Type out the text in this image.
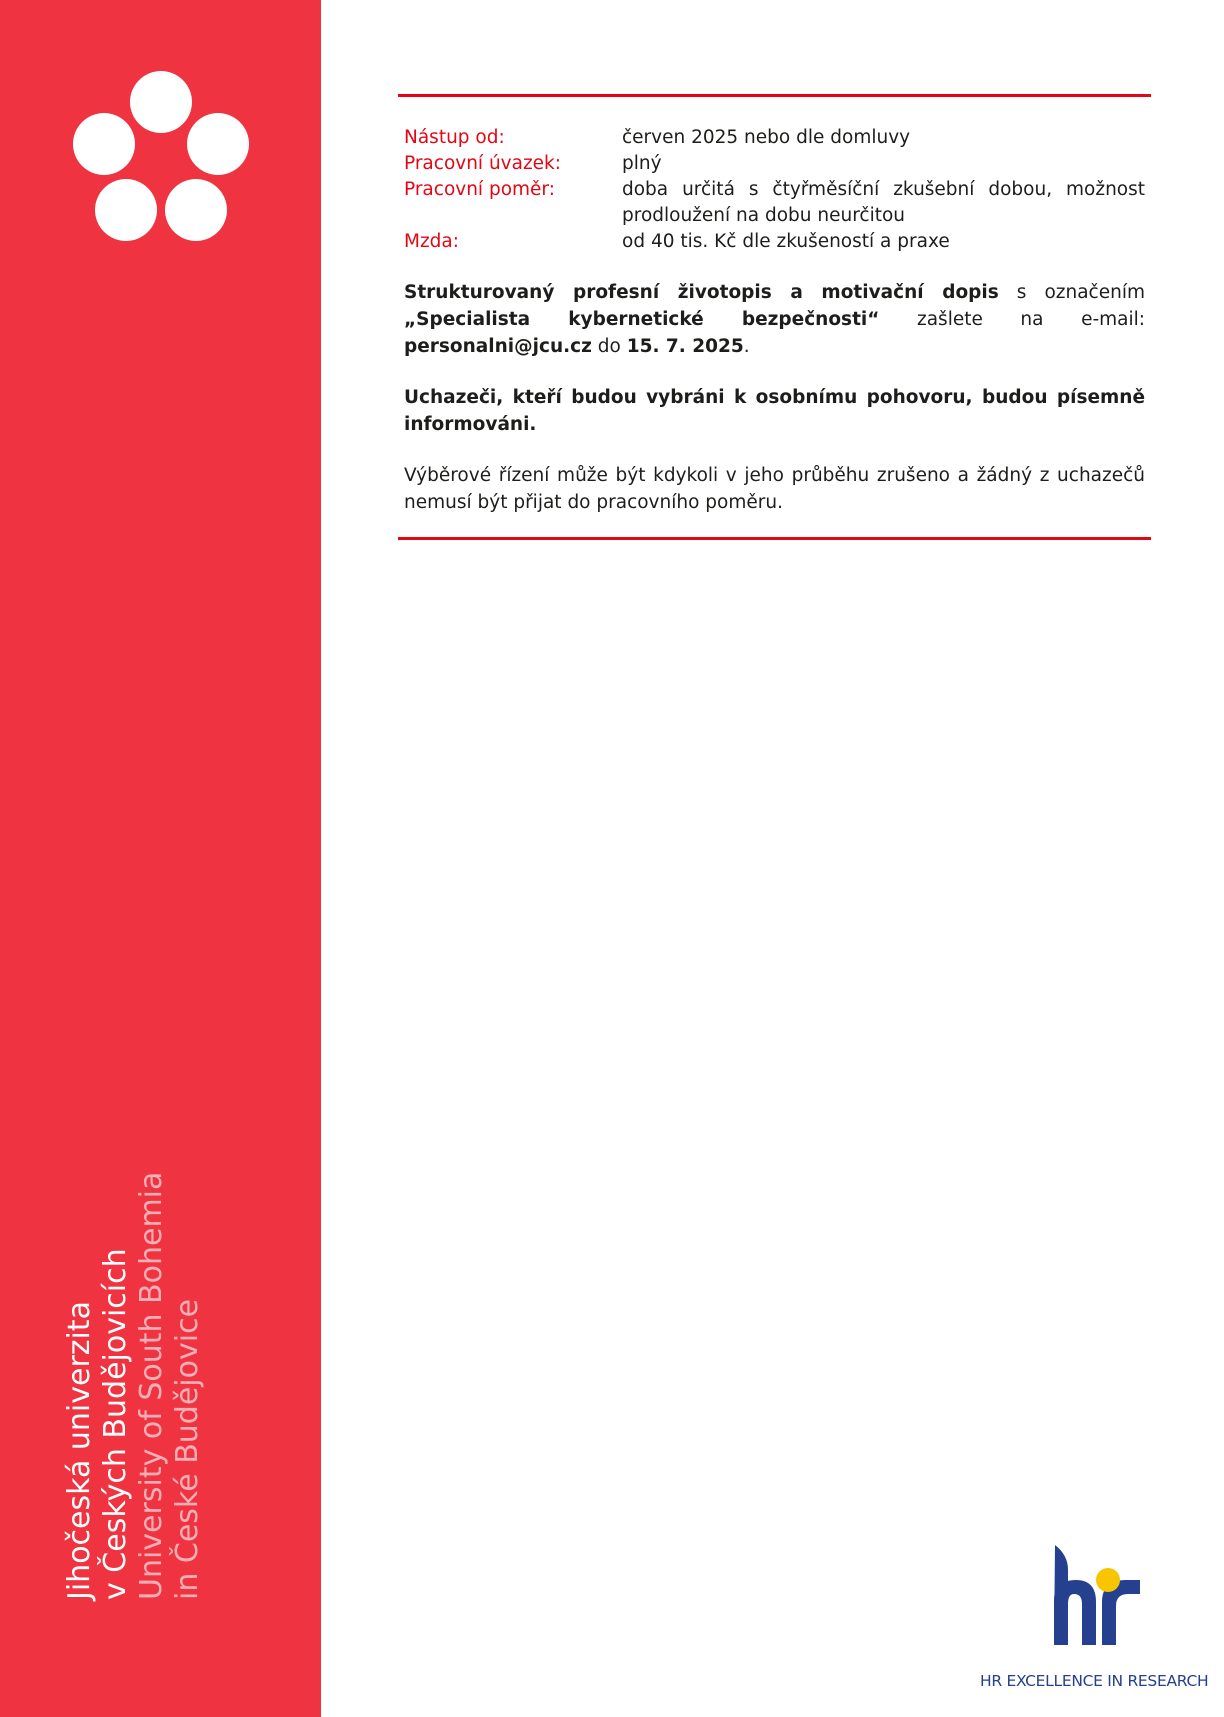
Jihočeská univerzita v Českých Budějovicích University of South Bohemia in České Budějovice
Nástup od:	červen 2025 nebo dle domluvy
Pracovní úvazek:	plný
Pracovní poměr:	doba určitá s čtyřměsíční zkušební dobou, možnost prodloužení na dobu neurčitou
Mzda:	od 40 tis. Kč dle zkušeností a praxe
Strukturovaný profesní životopis a motivační dopis s označením „Specialista kybernetické bezpečnosti“ zašlete na e-mail: personalni@jcu.cz do 15. 7. 2025.
Uchazeči, kteří budou vybráni k osobnímu pohovoru, budou písemně informováni.
Výběrové řízení může být kdykoli v jeho průběhu zrušeno a žádný z uchazečů nemusí být přijat do pracovního poměru.
HR EXCELLENCE IN RESEARCH
